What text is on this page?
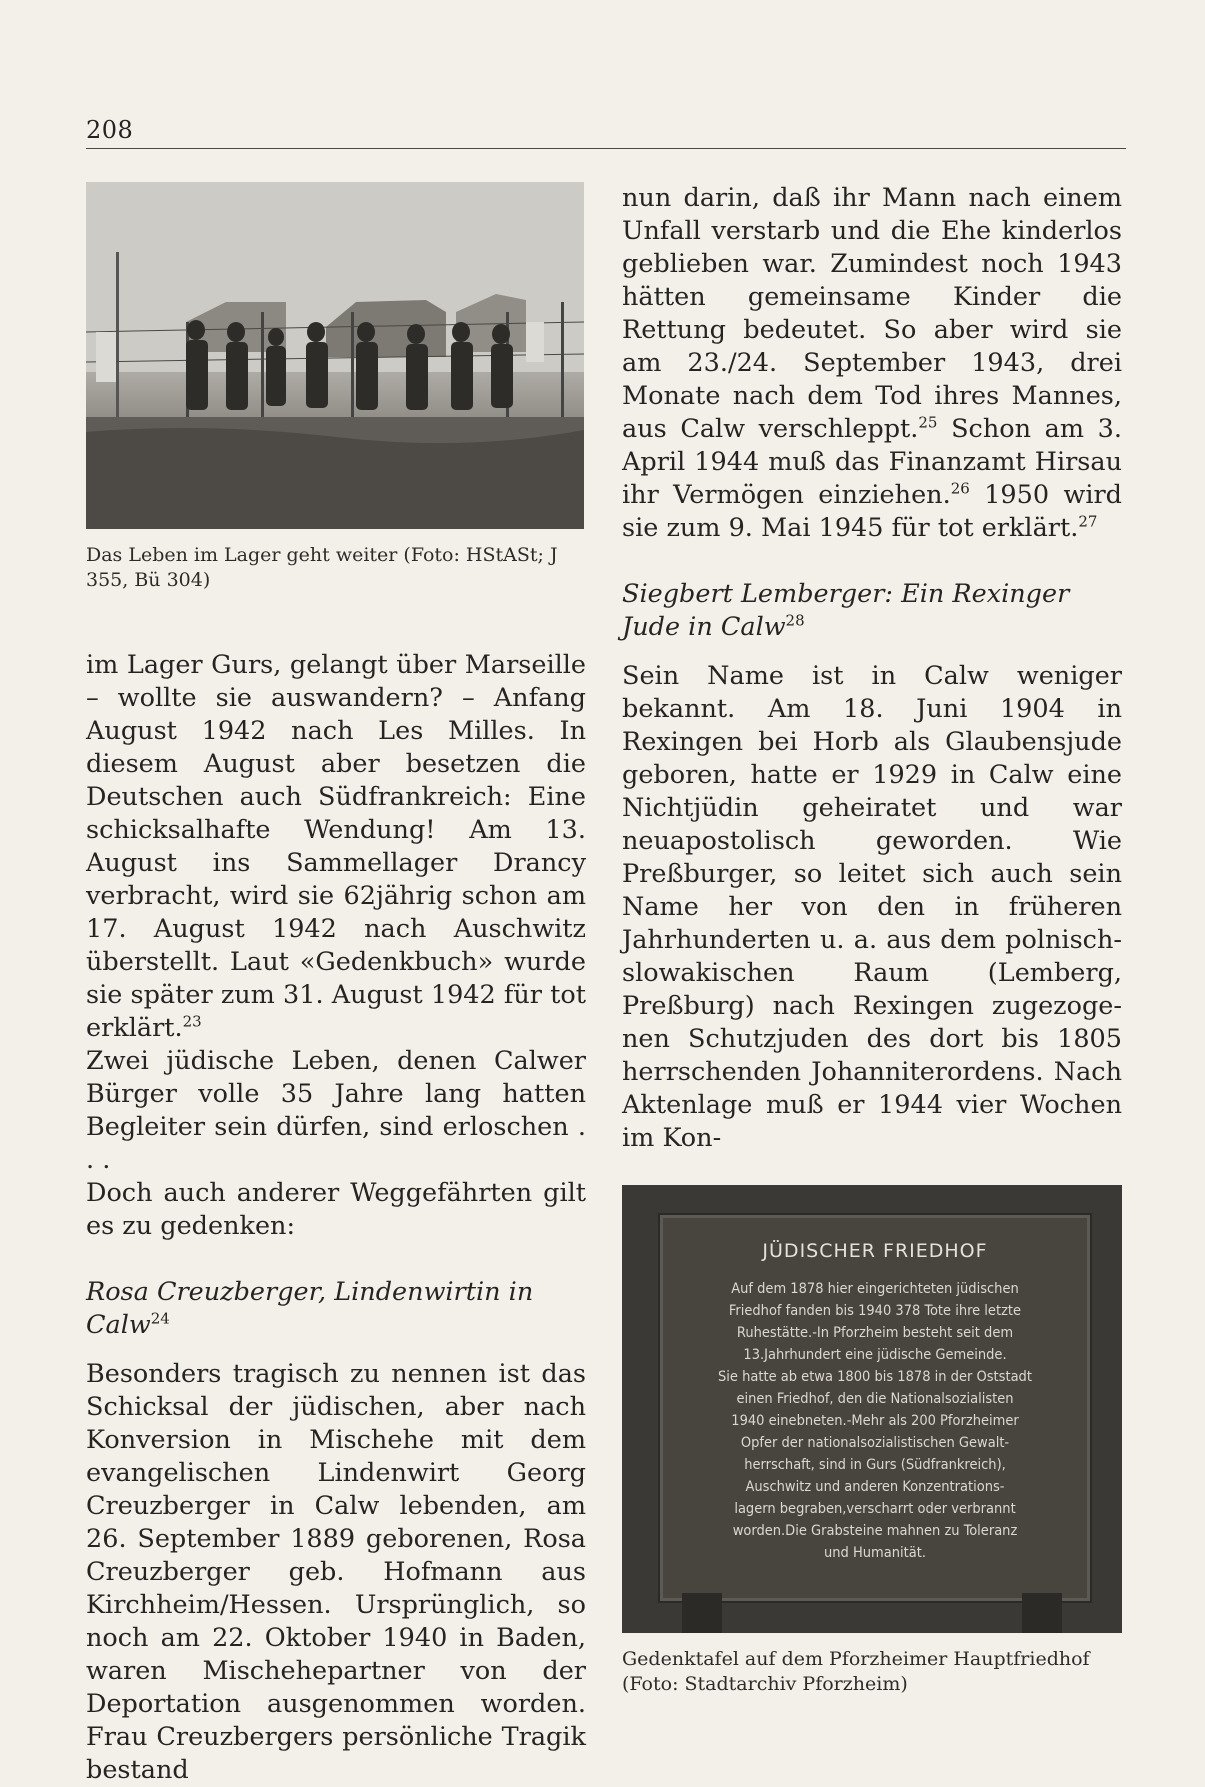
208

Das Leben im Lager geht weiter (Foto: HStASt; J 355, Bü 304)

im Lager Gurs, gelangt über Marseille – wollte sie auswandern? – Anfang August 1942 nach Les Milles. In diesem August aber besetzen die Deutschen auch Südfrankreich: Eine schicksalhafte Wendung! Am 13. August ins Sammellager Drancy verbracht, wird sie 62jährig schon am 17. August 1942 nach Auschwitz überstellt. Laut «Gedenkbuch» wurde sie später zum 31. August 1942 für tot erklärt.$^{23}$

Zwei jüdische Leben, denen Calwer Bürger volle 35 Jahre lang hatten Begleiter sein dürfen, sind erloschen . . .

Doch auch anderer Weggefährten gilt es zu gedenken:

Rosa Creuzberger, Lindenwirtin in Calw$^{24}$

Besonders tragisch zu nennen ist das Schicksal der jüdischen, aber nach Konversion in Mischehe mit dem evangelischen Lindenwirt Georg Creuzberger in Calw lebenden, am 26. September 1889 geborenen, Rosa Creuzberger geb. Hofmann aus Kirchheim/Hessen. Ursprünglich, so noch am 22. Oktober 1940 in Baden, waren Mischehepartner von der Deportation ausgenommen worden. Frau Creuzbergers persönliche Tragik bestand

nun darin, daß ihr Mann nach einem Unfall verstarb und die Ehe kinderlos geblieben war. Zumindest noch 1943 hätten gemeinsame Kinder die Rettung bedeutet. So aber wird sie am 23./24. September 1943, drei Monate nach dem Tod ihres Mannes, aus Calw verschleppt.$^{25}$ Schon am 3. April 1944 muß das Finanzamt Hirsau ihr Vermögen einziehen.$^{26}$ 1950 wird sie zum 9. Mai 1945 für tot erklärt.$^{27}$

Siegbert Lemberger: Ein Rexinger Jude in Calw$^{28}$

Sein Name ist in Calw weniger bekannt. Am 18. Juni 1904 in Rexingen bei Horb als Glaubensjude geboren, hatte er 1929 in Calw eine Nichtjüdin geheiratet und war neuapostolisch geworden. Wie Preßburger, so leitet sich auch sein Name her von den in früheren Jahrhunderten u. a. aus dem polnisch-slowakischen Raum (Lemberg, Preßburg) nach Rexingen zugezogenen Schutzjuden des dort bis 1805 herrschenden Johanniterordens. Nach Aktenlage muß er 1944 vier Wochen im Kon-

JÜDISCHER FRIEDHOF

Auf dem 1878 hier eingerichteten jüdischen
Friedhof fanden bis 1940 378 Tote ihre letzte
Ruhestätte.-In Pforzheim besteht seit dem
13.Jahrhundert eine jüdische Gemeinde.
Sie hatte ab etwa 1800 bis 1878 in der Oststadt
einen Friedhof, den die Nationalsozialisten
1940 einebneten.-Mehr als 200 Pforzheimer
Opfer der nationalsozialistischen Gewalt-
herrschaft, sind in Gurs (Südfrankreich),
Auschwitz und anderen Konzentrations-
lagern begraben,verscharrt oder verbrannt
worden.Die Grabsteine mahnen zu Toleranz
und Humanität.

Gedenktafel auf dem Pforzheimer Hauptfriedhof (Foto: Stadtarchiv Pforzheim)
